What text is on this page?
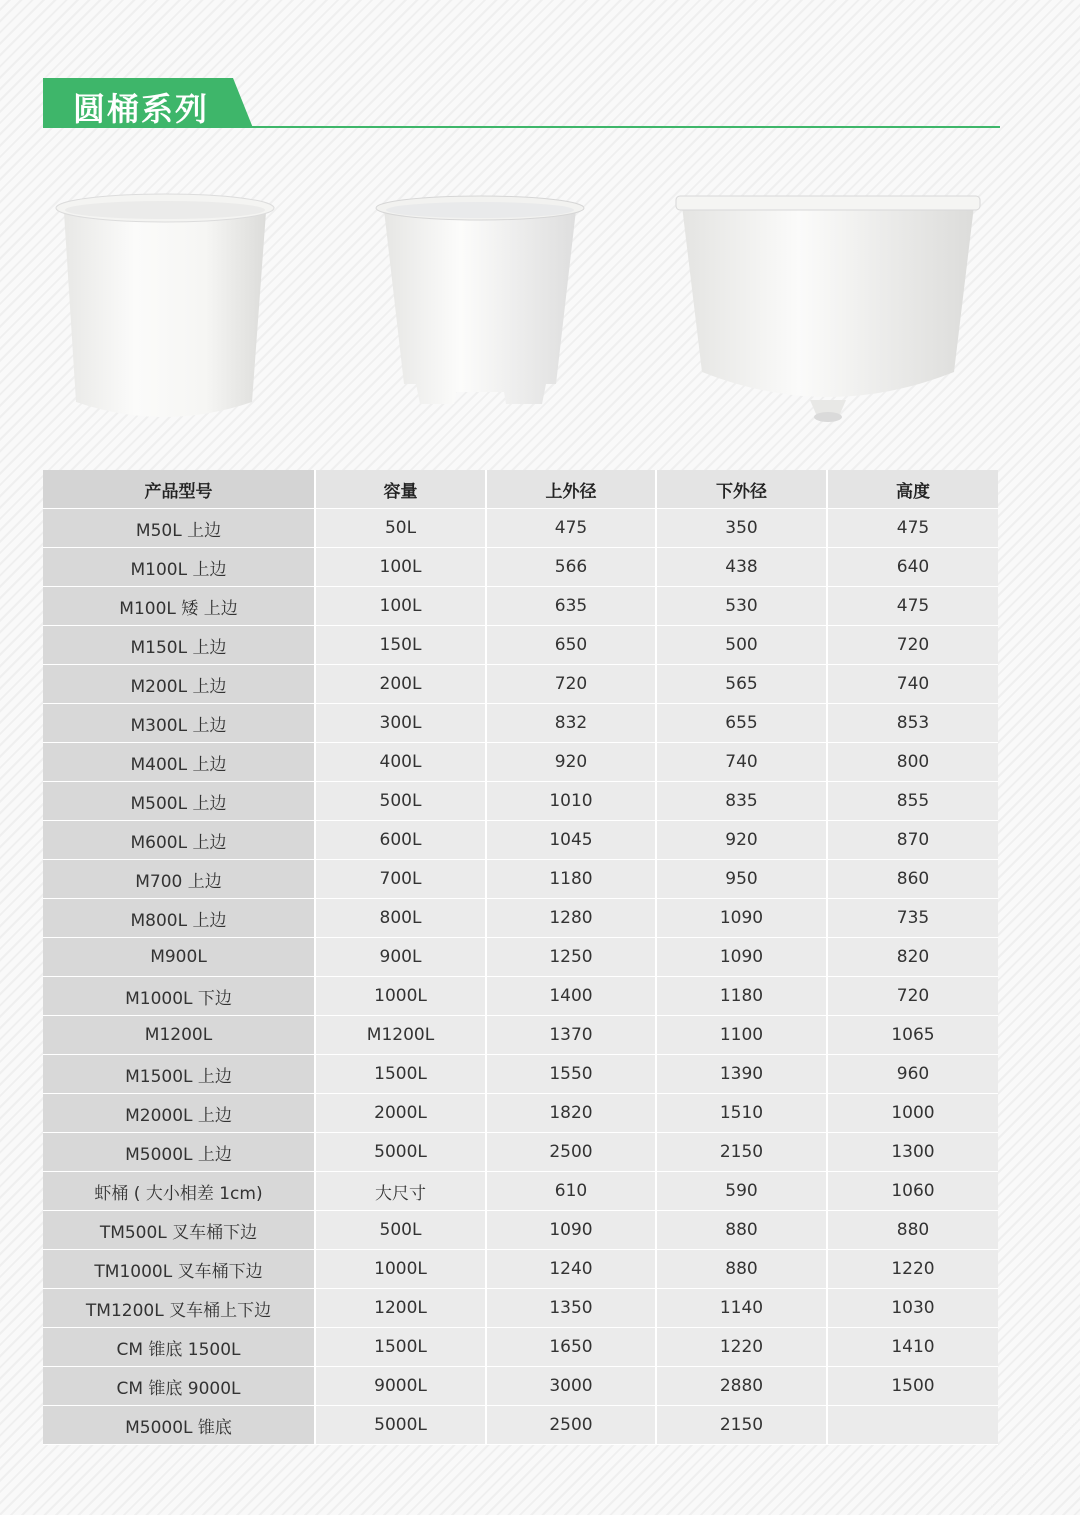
圆桶系列
产品型号	容量	上外径	下外径	高度
M50L 上边	50L	475	350	475
M100L 上边	100L	566	438	640
M100L 矮 上边	100L	635	530	475
M150L 上边	150L	650	500	720
M200L 上边	200L	720	565	740
M300L 上边	300L	832	655	853
M400L 上边	400L	920	740	800
M500L 上边	500L	1010	835	855
M600L 上边	600L	1045	920	870
M700 上边	700L	1180	950	860
M800L 上边	800L	1280	1090	735
M900L	900L	1250	1090	820
M1000L 下边	1000L	1400	1180	720
M1200L	M1200L	1370	1100	1065
M1500L 上边	1500L	1550	1390	960
M2000L 上边	2000L	1820	1510	1000
M5000L 上边	5000L	2500	2150	1300
虾桶 ( 大小相差 1cm)	大尺寸	610	590	1060
TM500L 叉车桶下边	500L	1090	880	880
TM1000L 叉车桶下边	1000L	1240	880	1220
TM1200L 叉车桶上下边	1200L	1350	1140	1030
CM 锥底 1500L	1500L	1650	1220	1410
CM 锥底 9000L	9000L	3000	2880	1500
M5000L 锥底	5000L	2500	2150	
